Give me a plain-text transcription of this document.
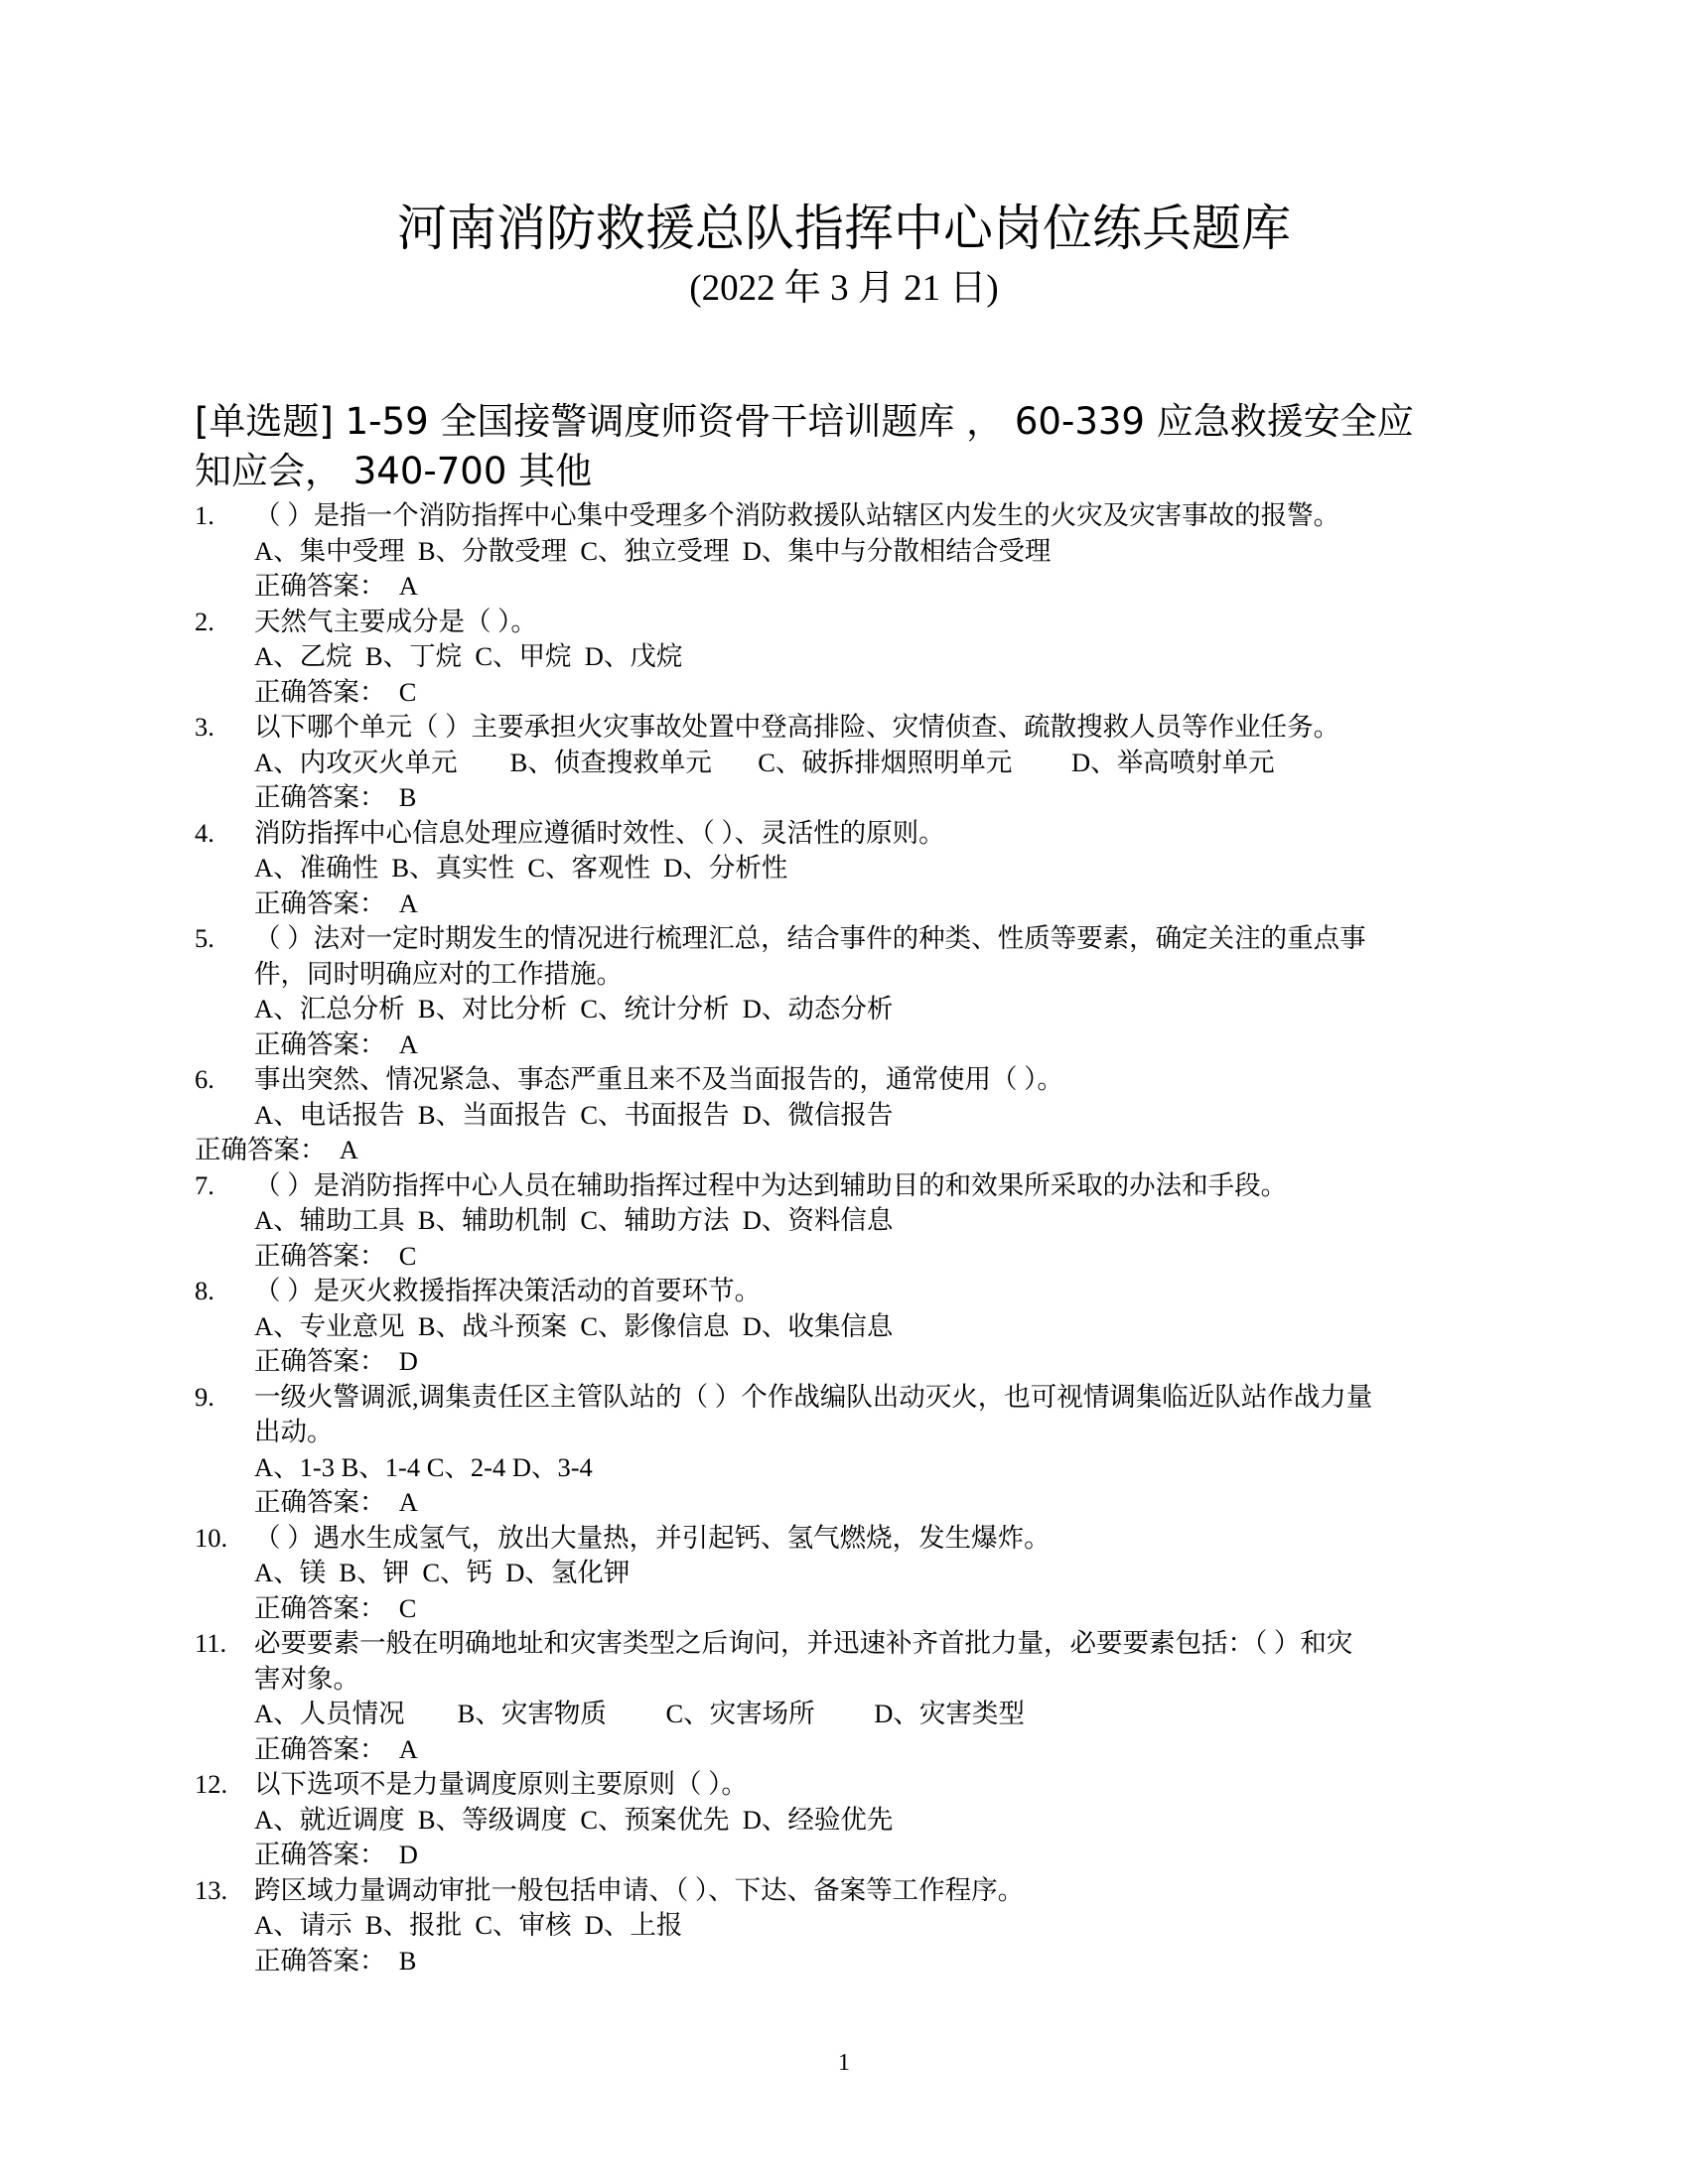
河南消防救援总队指挥中心岗位练兵题库
(2022 年 3 月 21 日)
[单选题] 1-59 全国接警调度师资骨干培训题库 ， 60-339 应急救援安全应
知应会， 340-700 其他
1. （ ）是指一个消防指挥中心集中受理多个消防救援队站辖区内发生的火灾及灾害事故的报警。
A、集中受理  B、分散受理  C、独立受理  D、集中与分散相结合受理
正确答案：  A
2. 天然气主要成分是（ ）。
A、乙烷  B、丁烷  C、甲烷  D、戊烷
正确答案：  C
3. 以下哪个单元（ ）主要承担火灾事故处置中登高排险、灾情侦查、疏散搜救人员等作业任务。
A、内攻灭火单元        B、侦查搜救单元       C、破拆排烟照明单元         D、举高喷射单元
正确答案：  B
4. 消防指挥中心信息处理应遵循时效性、（ ）、灵活性的原则。
A、准确性  B、真实性  C、客观性  D、分析性
正确答案：  A
5. （ ）法对一定时期发生的情况进行梳理汇总，结合事件的种类、性质等要素，确定关注的重点事
件，同时明确应对的工作措施。
A、汇总分析  B、对比分析  C、统计分析  D、动态分析
正确答案：  A
6. 事出突然、情况紧急、事态严重且来不及当面报告的，通常使用（ ）。
A、电话报告  B、当面报告  C、书面报告  D、微信报告
正确答案：  A
7. （ ）是消防指挥中心人员在辅助指挥过程中为达到辅助目的和效果所采取的办法和手段。
A、辅助工具  B、辅助机制  C、辅助方法  D、资料信息
正确答案：  C
8. （ ）是灭火救援指挥决策活动的首要环节。
A、专业意见  B、战斗预案  C、影像信息  D、收集信息
正确答案：  D
9. 一级火警调派,调集责任区主管队站的（ ）个作战编队出动灭火，也可视情调集临近队站作战力量
出动。
A、1-3 B、1-4 C、2-4 D、3-4
正确答案：  A
10. （ ）遇水生成氢气，放出大量热，并引起钙、氢气燃烧，发生爆炸。
A、镁  B、钾  C、钙  D、氢化钾
正确答案：  C
11. 必要要素一般在明确地址和灾害类型之后询问，并迅速补齐首批力量，必要要素包括：（ ）和灾
害对象。
A、人员情况        B、灾害物质         C、灾害场所         D、灾害类型
正确答案：  A
12. 以下选项不是力量调度原则主要原则（ ）。
A、就近调度  B、等级调度  C、预案优先  D、经验优先
正确答案：  D
13. 跨区域力量调动审批一般包括申请、（ ）、下达、备案等工作程序。
A、请示  B、报批  C、审核  D、上报
正确答案：  B
1
